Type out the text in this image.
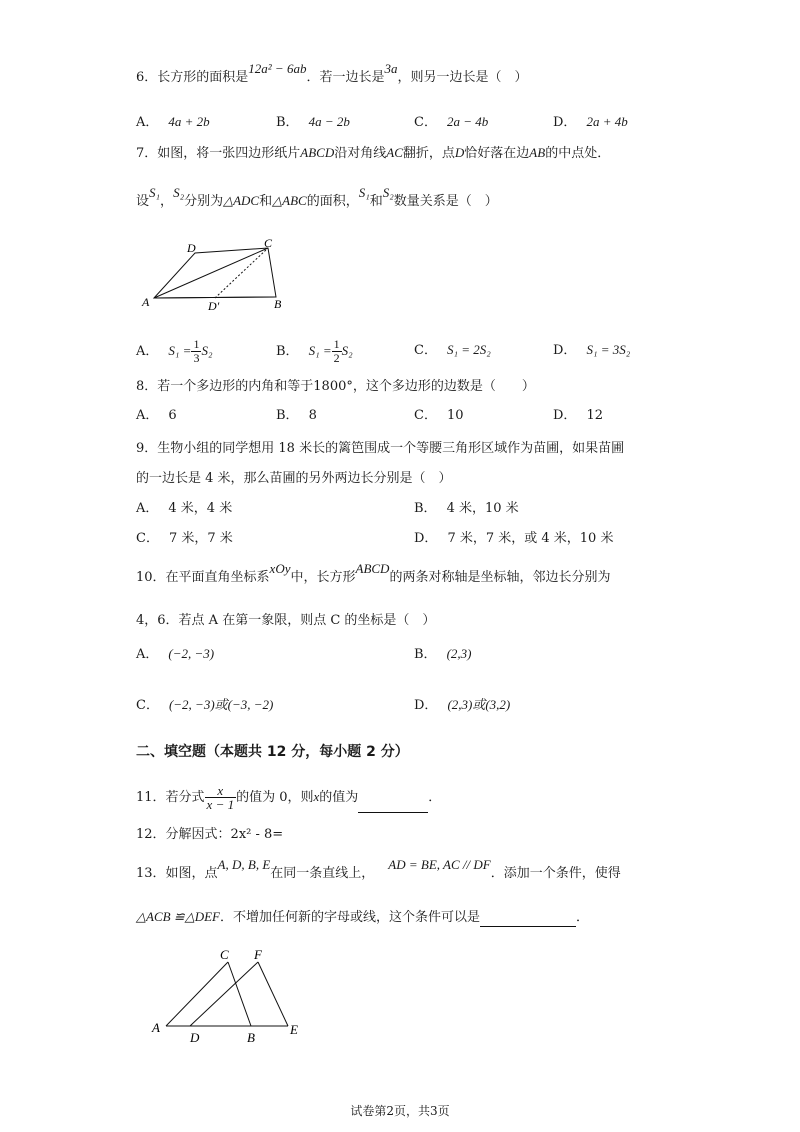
6．长方形的面积是12a² − 6ab．若一边长是3a，则另一边长是（　）
A． 4a + 2b	B． 4a − 2b	C． 2a − 4b	D． 2a + 4b
7．如图，将一张四边形纸片ABCD沿对角线AC翻折，点D恰好落在边AB的中点处．
设S₁，S₂分别为△ADC和△ABC的面积，S₁和S₂数量关系是（　）
A
D	C
D′	B
A． $S_1 = \frac{1}{3} S_2$	B． $S_1 = \frac{1}{2} S_2$	C． S₁ = 2S₂	D． S₁ = 3S₂
8．若一个多边形的内角和等于1800°，这个多边形的边数是（　　）
A． 6	B． 8	C． 10	D． 12
9．生物小组的同学想用 18 米长的篱笆围成一个等腰三角形区域作为苗圃，如果苗圃
的一边长是 4 米，那么苗圃的另外两边长分别是（　）
A． 4 米，4 米	B． 4 米，10 米
C． 7 米，7 米	D． 7 米，7 米，或 4 米，10 米
10．在平面直角坐标系xOy中，长方形ABCD的两条对称轴是坐标轴，邻边长分别为
4，6．若点 A 在第一象限，则点 C 的坐标是（　）
A． (−2, −3)	B． (2,3)
C． (−2, −3)或(−3, −2)	D． (2,3)或(3,2)
二、填空题（本题共 12 分，每小题 2 分）
11．若分式 $\frac{x}{x - 1}$ 的值为 0，则x的值为	．
12．分解因式：2x² - 8=
13．如图，点A, D, B, E在同一条直线上，AD = BE, AC // DF．添加一个条件，使得
△ACB ≌△DEF．不增加任何新的字母或线，这个条件可以是	．
A
C F
D	B
E
试卷第2页，共3页
